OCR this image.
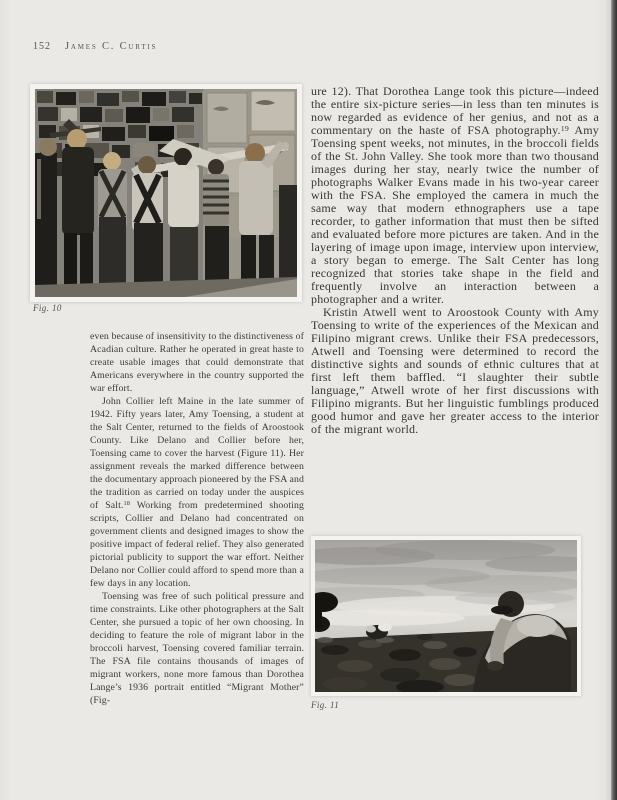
152 James C. Curtis
Fig. 10

ure 12). That Dorothea Lange took this picture—indeed the entire six-picture series—in less than ten minutes is now regarded as evidence of her genius, and not as a commentary on the haste of FSA photography.$^{19}$ Amy Toensing spent weeks, not minutes, in the broccoli fields of the St. John Valley. She took more than two thousand images during her stay, nearly twice the number of photographs Walker Evans made in his two-year career with the FSA. She employed the camera in much the same way that modern ethnographers use a tape recorder, to gather information that must then be sifted and evaluated before more pictures are taken. And in the layering of image upon image, interview upon interview, a story began to emerge. The Salt Center has long recognized that stories take shape in the field and frequently involve an interaction between a photographer and a writer.

Kristin Atwell went to Aroostook County with Amy Toensing to write of the experiences of the Mexican and Filipino migrant crews. Unlike their FSA predecessors, Atwell and Toensing were determined to record the distinctive sights and sounds of ethnic cultures that at first left them baffled. “I slaughter their subtle language,” Atwell wrote of her first discussions with Filipino migrants. But her linguistic fumblings produced good humor and gave her greater access to the interior of the migrant world.

even because of insensitivity to the distinctiveness of Acadian culture. Rather he operated in great haste to create usable images that could demonstrate that Americans everywhere in the country supported the war effort.

John Collier left Maine in the late summer of 1942. Fifty years later, Amy Toensing, a student at the Salt Center, returned to the fields of Aroostook County. Like Delano and Collier before her, Toensing came to cover the harvest (Figure 11). Her assignment reveals the marked difference between the documentary approach pioneered by the FSA and the tradition as carried on today under the auspices of Salt.$^{18}$ Working from predetermined shooting scripts, Collier and Delano had concentrated on government clients and designed images to show the positive impact of federal relief. They also generated pictorial publicity to support the war effort. Neither Delano nor Collier could afford to spend more than a few days in any location.

Toensing was free of such political pressure and time constraints. Like other photographers at the Salt Center, she pursued a topic of her own choosing. In deciding to feature the role of migrant labor in the broccoli harvest, Toensing covered familiar terrain. The FSA file contains thousands of images of migrant workers, none more famous than Dorothea Lange’s 1936 portrait entitled “Migrant Mother” (Fig-	Fig. 11
